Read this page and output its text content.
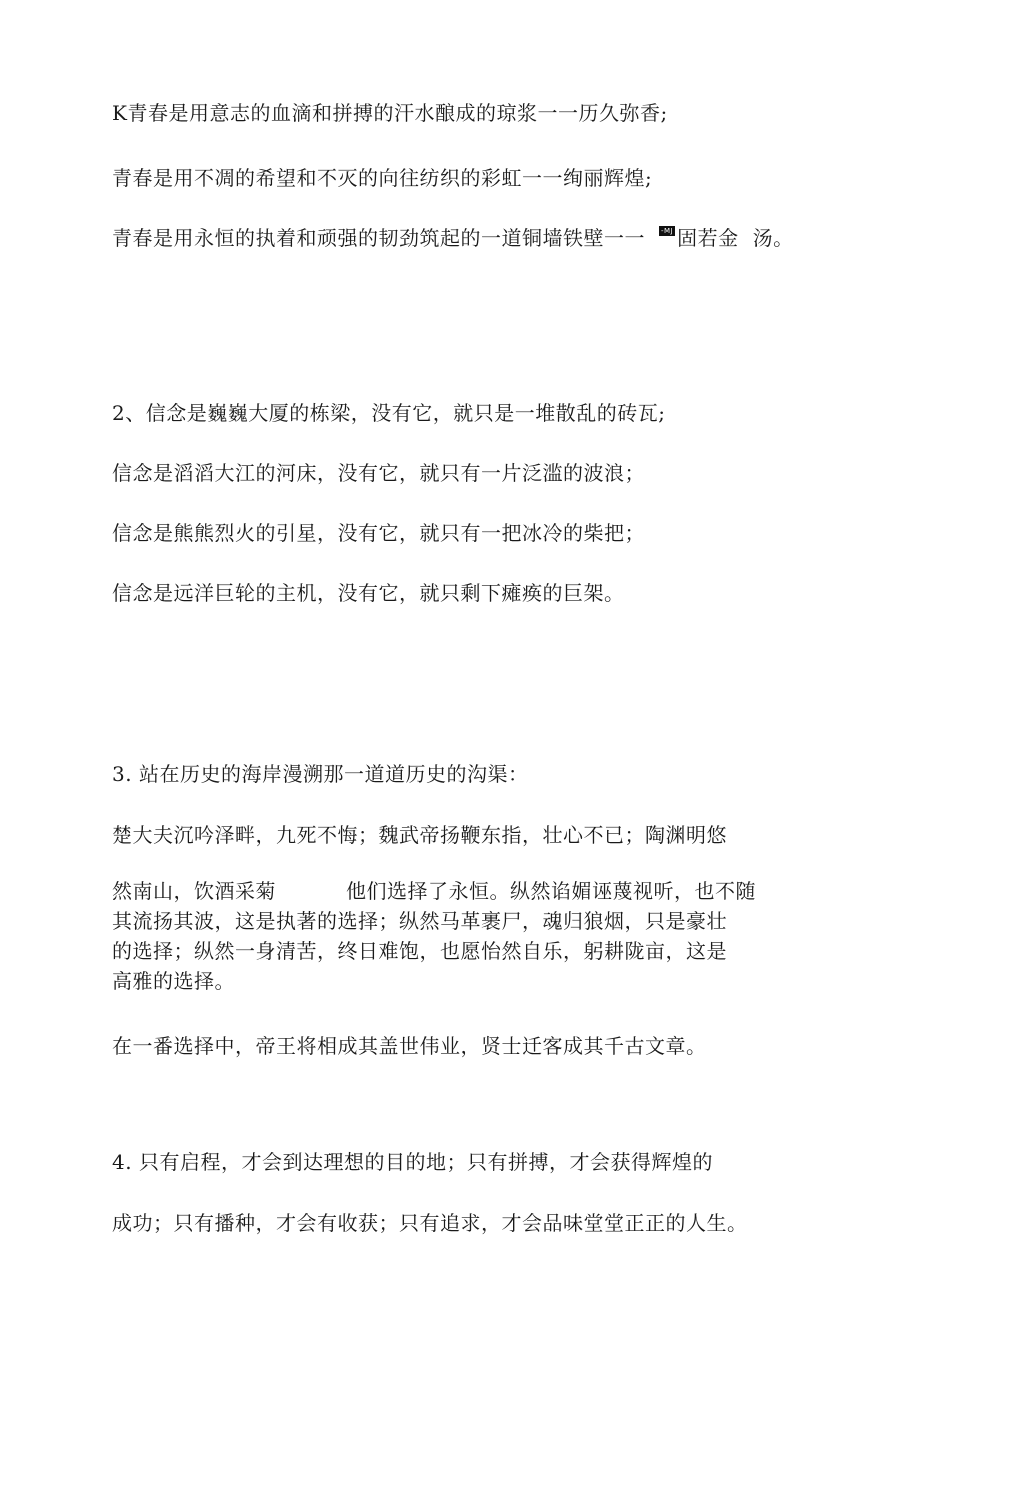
K青春是用意志的血滴和拼搏的汗水酿成的琼浆一一历久弥香;
青春是用不凋的希望和不灭的向往纺织的彩虹一一绚丽辉煌;
青春是用永恒的执着和顽强的韧劲筑起的一道铜墙铁壁一一 -MJ 固若金 汤。
2、信念是巍巍大厦的栋梁，没有它，就只是一堆散乱的砖瓦;
信念是滔滔大江的河床，没有它，就只有一片泛滥的波浪；
信念是熊熊烈火的引星，没有它，就只有一把冰冷的柴把；
信念是远洋巨轮的主机，没有它，就只剩下瘫痪的巨架。
3. 站在历史的海岸漫溯那一道道历史的沟渠：
楚大夫沉吟泽畔，九死不悔；魏武帝扬鞭东指，壮心不已；陶渊明悠
然南山，饮酒采菊	他们选择了永恒。纵然谄媚诬蔑视听，也不随
其流扬其波，这是执著的选择；纵然马革裹尸，魂归狼烟，只是豪壮
的选择；纵然一身清苦，终日难饱，也愿怡然自乐，躬耕陇亩，这是
高雅的选择。
在一番选择中，帝王将相成其盖世伟业，贤士迁客成其千古文章。
4. 只有启程，才会到达理想的目的地；只有拼搏，才会获得辉煌的
成功；只有播种，才会有收获；只有追求，才会品味堂堂正正的人生。
